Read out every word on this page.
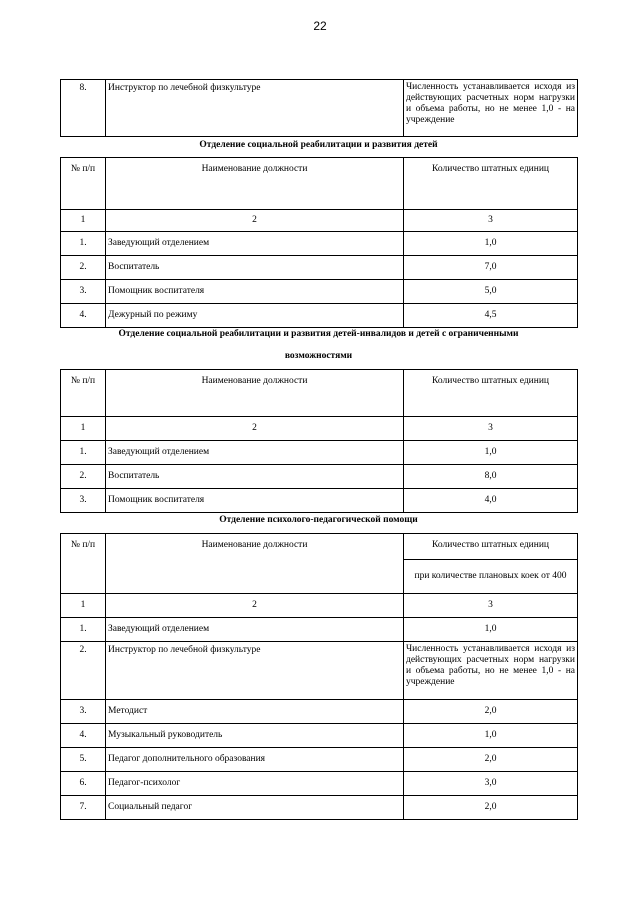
22
8.	Инструктор по лечебной физкультуре	Численность устанавливается исходя из действующих расчетных норм нагрузки и объема работы, но не менее 1,0 - на учреждение
Отделение социальной реабилитации и развития детей
№ п/п	Наименование должности	Количество штатных единиц
1	2	3
1.	Заведующий отделением	1,0
2.	Воспитатель	7,0
3.	Помощник воспитателя	5,0
4.	Дежурный по режиму	4,5
Отделение социальной реабилитации и развития детей-инвалидов и детей с ограниченными
возможностями
№ п/п	Наименование должности	Количество штатных единиц
1	2	3
1.	Заведующий отделением	1,0
2.	Воспитатель	8,0
3.	Помощник воспитателя	4,0
Отделение психолого-педагогической помощи
№ п/п	Наименование должности	Количество штатных единиц
		при количестве плановых коек от 400
1	2	3
1.	Заведующий отделением	1,0
2.	Инструктор по лечебной физкультуре	Численность устанавливается исходя из действующих расчетных норм нагрузки и объема работы, но не менее 1,0 - на учреждение
3.	Методист	2,0
4.	Музыкальный руководитель	1,0
5.	Педагог дополнительного образования	2,0
6.	Педагог-психолог	3,0
7.	Социальный педагог	2,0
